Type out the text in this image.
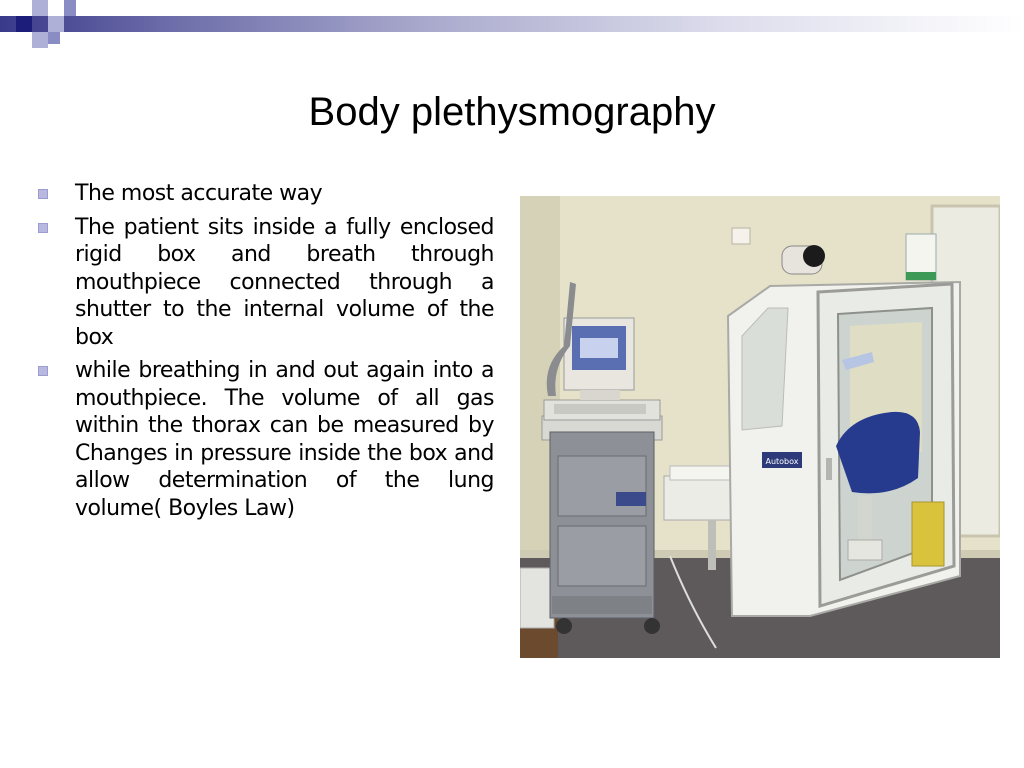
Body plethysmography
The most accurate way
The patient sits inside a fully enclosed rigid box and breath through mouthpiece connected through a shutter to the internal volume of the box
while breathing in and out again into a mouthpiece. The volume of all gas within the thorax can be measured by Changes in pressure inside the box and allow determination of the lung volume( Boyles Law)
Autobox
